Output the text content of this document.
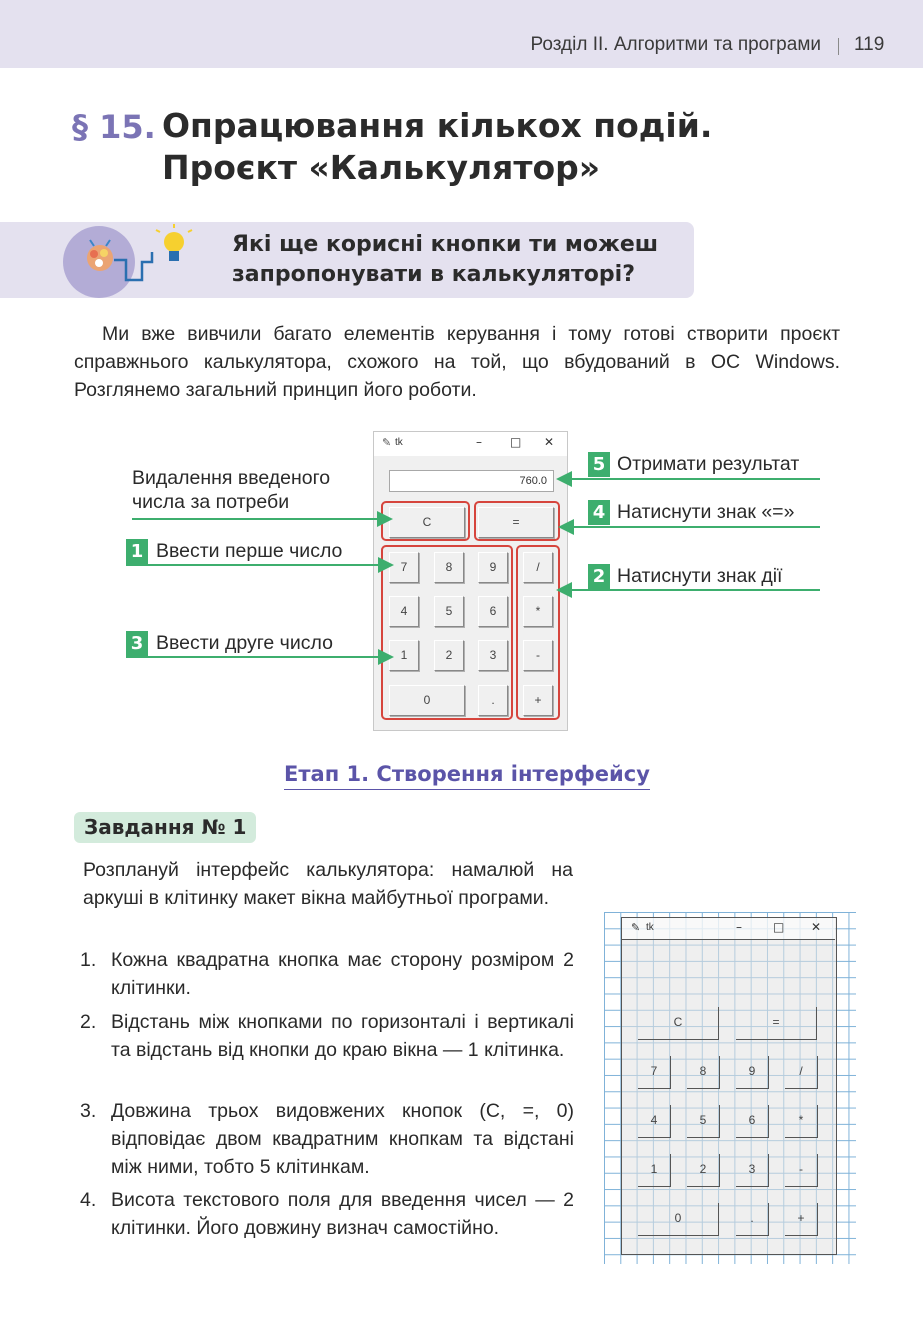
Розділ ІІ. Алгоритми та програми 119
§ 15. Опрацювання кількох подій.
Проєкт «Калькулятор»
Які ще корисні кнопки ти можеш
запропонувати в калькуляторі?
Ми вже вивчили багато елементів керування і тому готові створити проєкт справжнього калькулятора, схожого на той, що вбудований в ОС Windows. Розглянемо загальний принцип його роботи.
✎ tk	– □ ✕
760.0
C	=
7	8	9	/
4	5	6	*
1	2	3	-
0	.	+
Видалення введеного
числа за потреби
1 Ввести перше число
3 Ввести друге число
5 Отримати результат
4 Натиснути знак «=»
2 Натиснути знак дії
Етап 1. Створення інтерфейсу
Завдання № 1
Розплануй інтерфейс калькулятора: намалюй на аркуші в клітинку макет вікна майбутньої програми.
1. Кожна квадратна кнопка має сторону розміром 2 клітинки.
2. Відстань між кнопками по горизонталі і вертикалі та відстань від кнопки до краю вікна — 1 клітинка.
3. Довжина трьох видовжених кнопок (C, =, 0) відповідає двом квадратним кнопкам та відстані між ними, тобто 5 клітинкам.
4. Висота текстового поля для введення чисел — 2 клітинки. Його довжину визнач самостійно.
✎ tk	–	□ ✕
C	=
7	8	9	/
4	5	6	*
1	2	3	-
0	.	+
